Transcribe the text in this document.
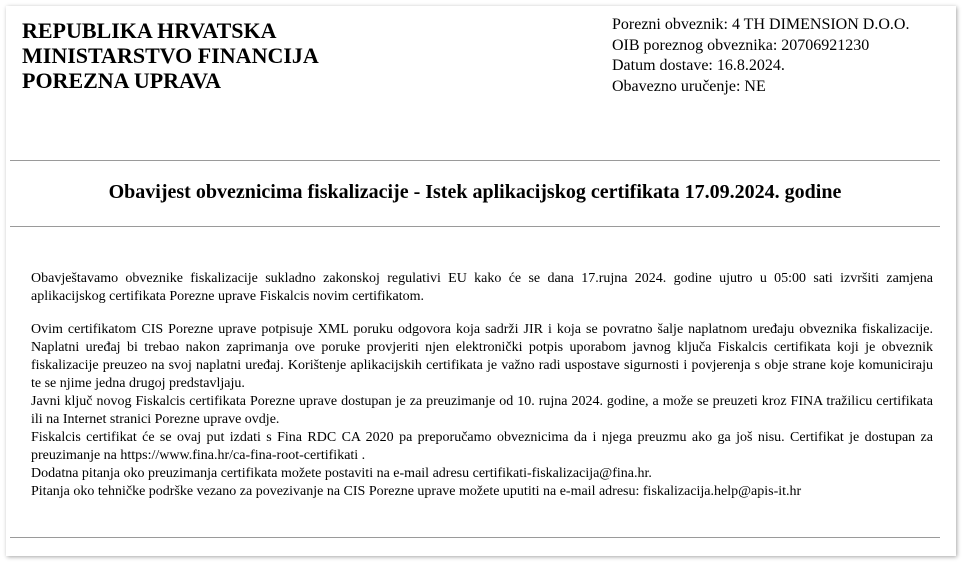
REPUBLIKA HRVATSKA
MINISTARSTVO FINANCIJA
POREZNA UPRAVA
Porezni obveznik: 4 TH DIMENSION D.O.O.
OIB poreznog obveznika: 20706921230
Datum dostave: 16.8.2024.
Obavezno uručenje: NE
Obavijest obveznicima fiskalizacije - Istek aplikacijskog certifikata 17.09.2024. godine

Obavještavamo obveznike fiskalizacije sukladno zakonskoj regulativi EU kako će se dana 17.rujna 2024. godine ujutro u 05:00 sati izvršiti zamjena aplikacijskog certifikata Porezne uprave Fiskalcis novim certifikatom.

Ovim certifikatom CIS Porezne uprave potpisuje XML poruku odgovora koja sadrži JIR i koja se povratno šalje naplatnom uređaju obveznika fiskalizacije. Naplatni uređaj bi trebao nakon zaprimanja ove poruke provjeriti njen elektronički potpis uporabom javnog ključa Fiskalcis certifikata koji je obveznik fiskalizacije preuzeo na svoj naplatni uređaj. Korištenje aplikacijskih certifikata je važno radi uspostave sigurnosti i povjerenja s obje strane koje komuniciraju te se njime jedna drugoj predstavljaju.

Javni ključ novog Fiskalcis certifikata Porezne uprave dostupan je za preuzimanje od 10. rujna 2024. godine, a može se preuzeti kroz FINA tražilicu certifikata ili na Internet stranici Porezne uprave ovdje.

Fiskalcis certifikat će se ovaj put izdati s Fina RDC CA 2020 pa preporučamo obveznicima da i njega preuzmu ako ga još nisu. Certifikat je dostupan za preuzimanje na https://www.fina.hr/ca-fina-root-certifikati .

Dodatna pitanja oko preuzimanja certifikata možete postaviti na e-mail adresu certifikati-fiskalizacija@fina.hr.

Pitanja oko tehničke podrške vezano za povezivanje na CIS Porezne uprave možete uputiti na e-mail adresu: fiskalizacija.help@apis-it.hr
